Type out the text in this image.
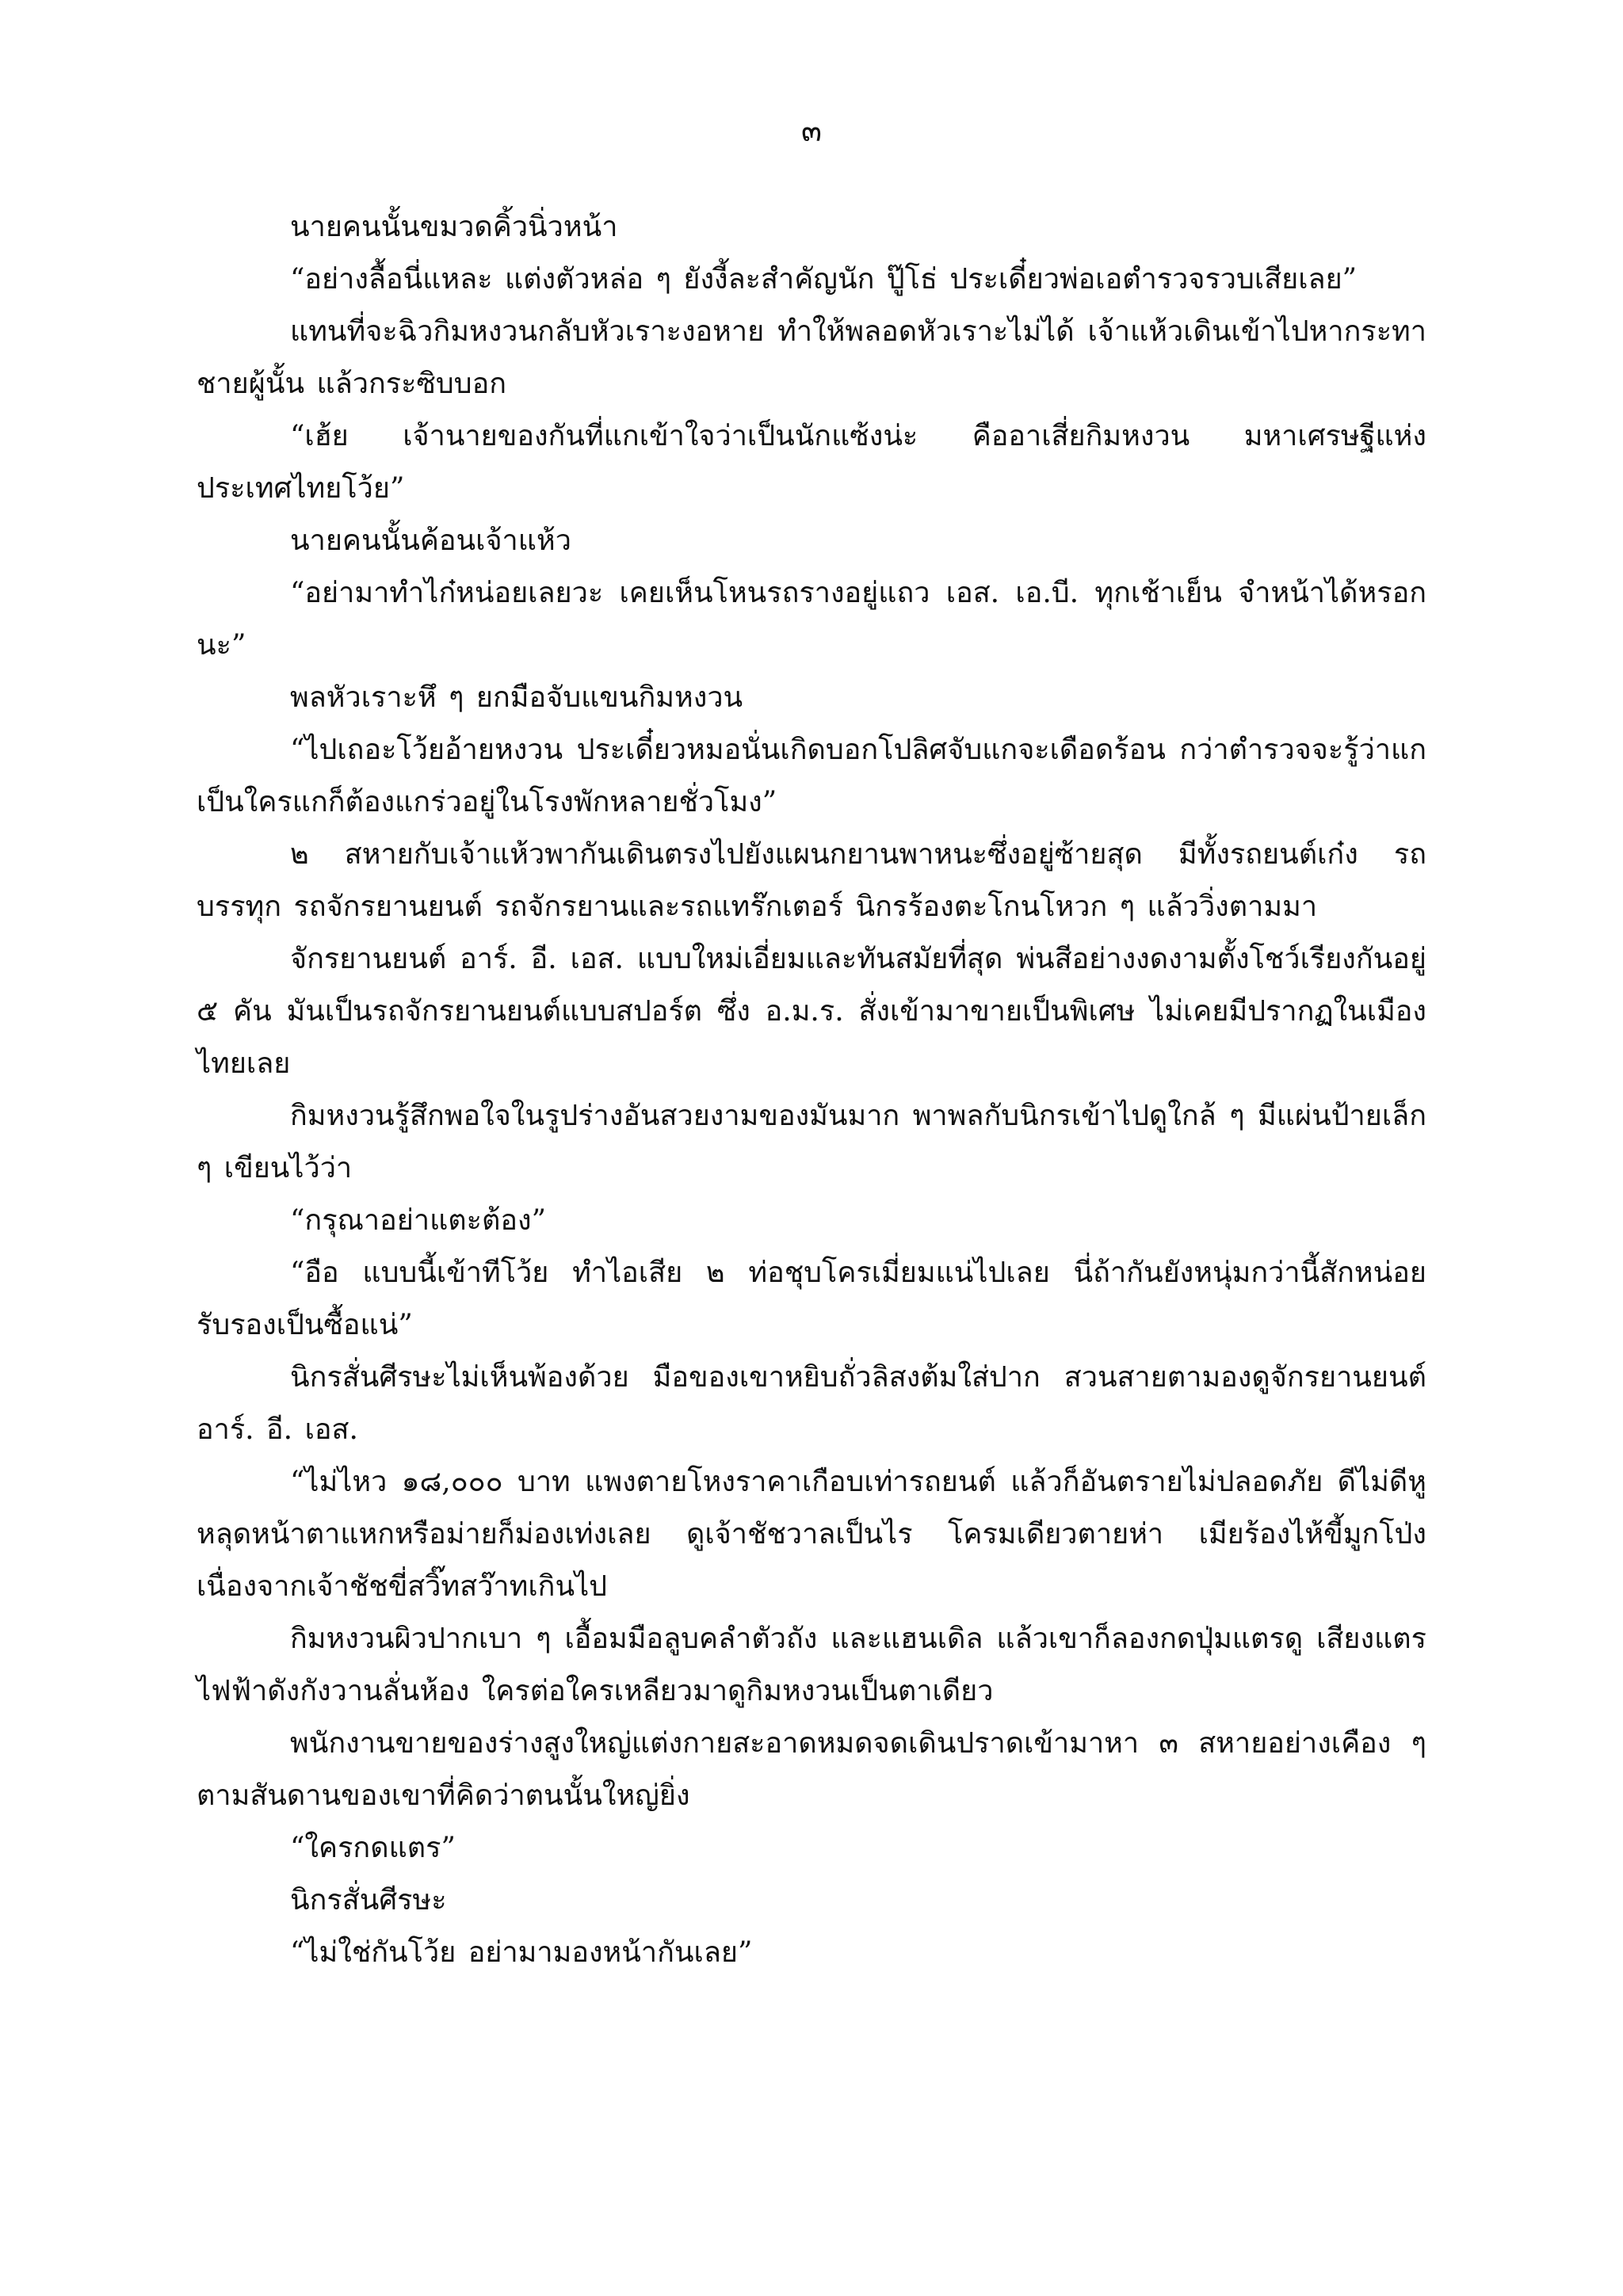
๓

นายคนนั้นขมวดคิ้วนิ่วหน้า

“อย่างลื้อนี่แหละ แต่งตัวหล่อ ๆ ยังงี้ละสำคัญนัก ปู๊โธ่ ประเดี๋ยวพ่อเอตำรวจรวบเสียเลย”

แทนที่จะฉิวกิมหงวนกลับหัวเราะงอหาย ทำให้พลอดหัวเราะไม่ได้ เจ้าแห้วเดินเข้าไปหากระทาชายผู้นั้น แล้วกระซิบบอก

“เฮ้ย เจ้านายของกันที่แกเข้าใจว่าเป็นนักแซ้งน่ะ คืออาเสี่ยกิมหงวน มหาเศรษฐีแห่งประเทศไทยโว้ย”

นายคนนั้นค้อนเจ้าแห้ว

“อย่ามาทำไก๋หน่อยเลยวะ เคยเห็นโหนรถรางอยู่แถว เอส. เอ.บี. ทุกเช้าเย็น จำหน้าได้หรอกนะ”

พลหัวเราะหึ ๆ ยกมือจับแขนกิมหงวน

“ไปเถอะโว้ยอ้ายหงวน ประเดี๋ยวหมอนั่นเกิดบอกโปลิศจับแกจะเดือดร้อน กว่าตำรวจจะรู้ว่าแกเป็นใครแกก็ต้องแกร่วอยู่ในโรงพักหลายชั่วโมง”

๒ สหายกับเจ้าแห้วพากันเดินตรงไปยังแผนกยานพาหนะซึ่งอยู่ซ้ายสุด มีทั้งรถยนต์เก๋ง รถบรรทุก รถจักรยานยนต์ รถจักรยานและรถแทร๊กเตอร์ นิกรร้องตะโกนโหวก ๆ แล้ววิ่งตามมา

จักรยานยนต์ อาร์. อี. เอส. แบบใหม่เอี่ยมและทันสมัยที่สุด พ่นสีอย่างงดงามตั้งโชว์เรียงกันอยู่ ๕ คัน มันเป็นรถจักรยานยนต์แบบสปอร์ต ซึ่ง อ.ม.ร. สั่งเข้ามาขายเป็นพิเศษ ไม่เคยมีปรากฏในเมืองไทยเลย

กิมหงวนรู้สึกพอใจในรูปร่างอันสวยงามของมันมาก พาพลกับนิกรเข้าไปดูใกล้ ๆ มีแผ่นป้ายเล็ก ๆ เขียนไว้ว่า

“กรุณาอย่าแตะต้อง”

“อือ แบบนี้เข้าทีโว้ย ทำไอเสีย ๒ ท่อชุบโครเมี่ยมแน่ไปเลย นี่ถ้ากันยังหนุ่มกว่านี้สักหน่อยรับรองเป็นซื้อแน่”

นิกรสั่นศีรษะไม่เห็นพ้องด้วย มือของเขาหยิบถั่วลิสงต้มใส่ปาก สวนสายตามองดูจักรยานยนต์ อาร์. อี. เอส.

“ไม่ไหว ๑๘,๐๐๐ บาท แพงตายโหงราคาเกือบเท่ารถยนต์ แล้วก็อันตรายไม่ปลอดภัย ดีไม่ดีหูหลุดหน้าตาแหกหรือม่ายก็ม่องเท่งเลย ดูเจ้าชัชวาลเป็นไร โครมเดียวตายห่า เมียร้องไห้ขี้มูกโป่ง เนื่องจากเจ้าชัชขี่สวิ๊ทสว๊าทเกินไป

กิมหงวนผิวปากเบา ๆ เอื้อมมือลูบคลำตัวถัง และแฮนเดิล แล้วเขาก็ลองกดปุ่มแตรดู เสียงแตรไฟฟ้าดังกังวานลั่นห้อง ใครต่อใครเหลียวมาดูกิมหงวนเป็นตาเดียว

พนักงานขายของร่างสูงใหญ่แต่งกายสะอาดหมดจดเดินปราดเข้ามาหา ๓ สหายอย่างเคือง ๆ ตามสันดานของเขาที่คิดว่าตนนั้นใหญ่ยิ่ง

“ใครกดแตร”

นิกรสั่นศีรษะ

“ไม่ใช่กันโว้ย อย่ามามองหน้ากันเลย”
